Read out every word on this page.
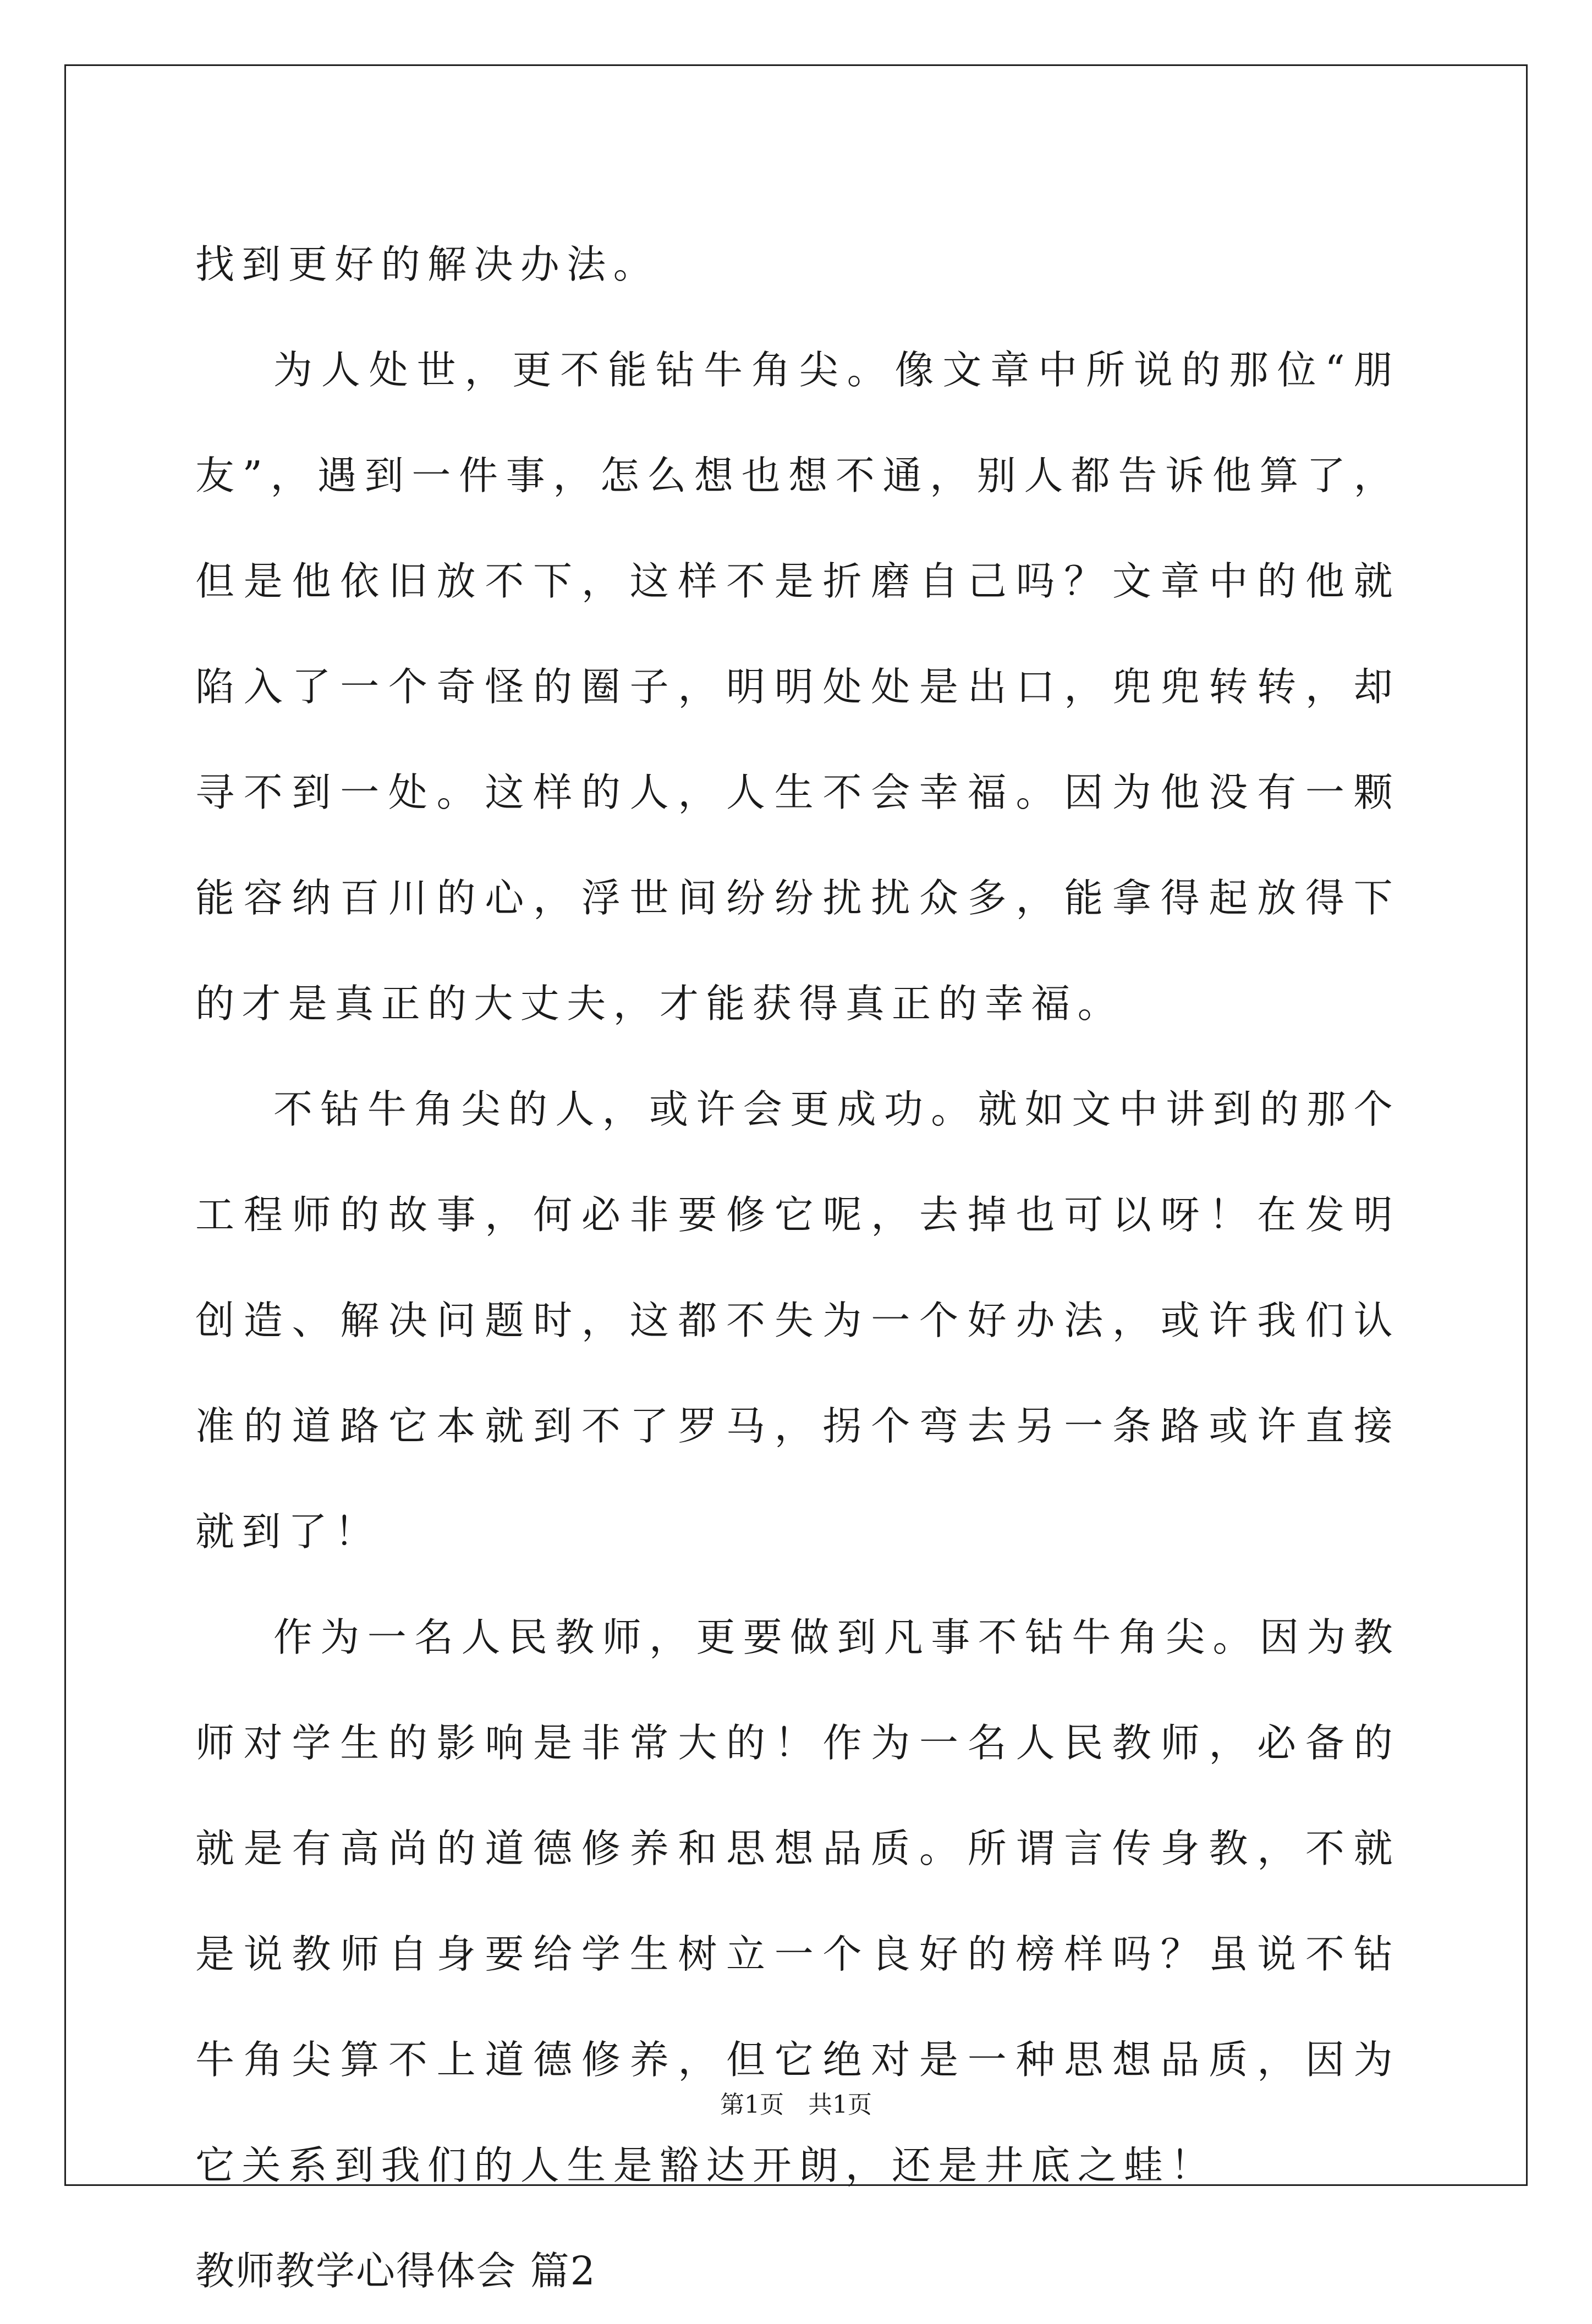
找到更好的解决办法。

为人处世，更不能钻牛角尖。像文章中所说的那位“朋友”，遇到一件事，怎么想也想不通，别人都告诉他算了，但是他依旧放不下，这样不是折磨自己吗？文章中的他就陷入了一个奇怪的圈子，明明处处是出口，兜兜转转，却寻不到一处。这样的人，人生不会幸福。因为他没有一颗能容纳百川的心，浮世间纷纷扰扰众多，能拿得起放得下的才是真正的大丈夫，才能获得真正的幸福。

不钻牛角尖的人，或许会更成功。就如文中讲到的那个工程师的故事，何必非要修它呢，去掉也可以呀！在发明创造、解决问题时，这都不失为一个好办法，或许我们认准的道路它本就到不了罗马，拐个弯去另一条路或许直接就到了！

作为一名人民教师，更要做到凡事不钻牛角尖。因为教师对学生的影响是非常大的！作为一名人民教师，必备的就是有高尚的道德修养和思想品质。所谓言传身教，不就是说教师自身要给学生树立一个良好的榜样吗？虽说不钻牛角尖算不上道德修养，但它绝对是一种思想品质，因为它关系到我们的人生是豁达开朗，还是井底之蛙！

教师教学心得体会 篇2

第1页 共1页
